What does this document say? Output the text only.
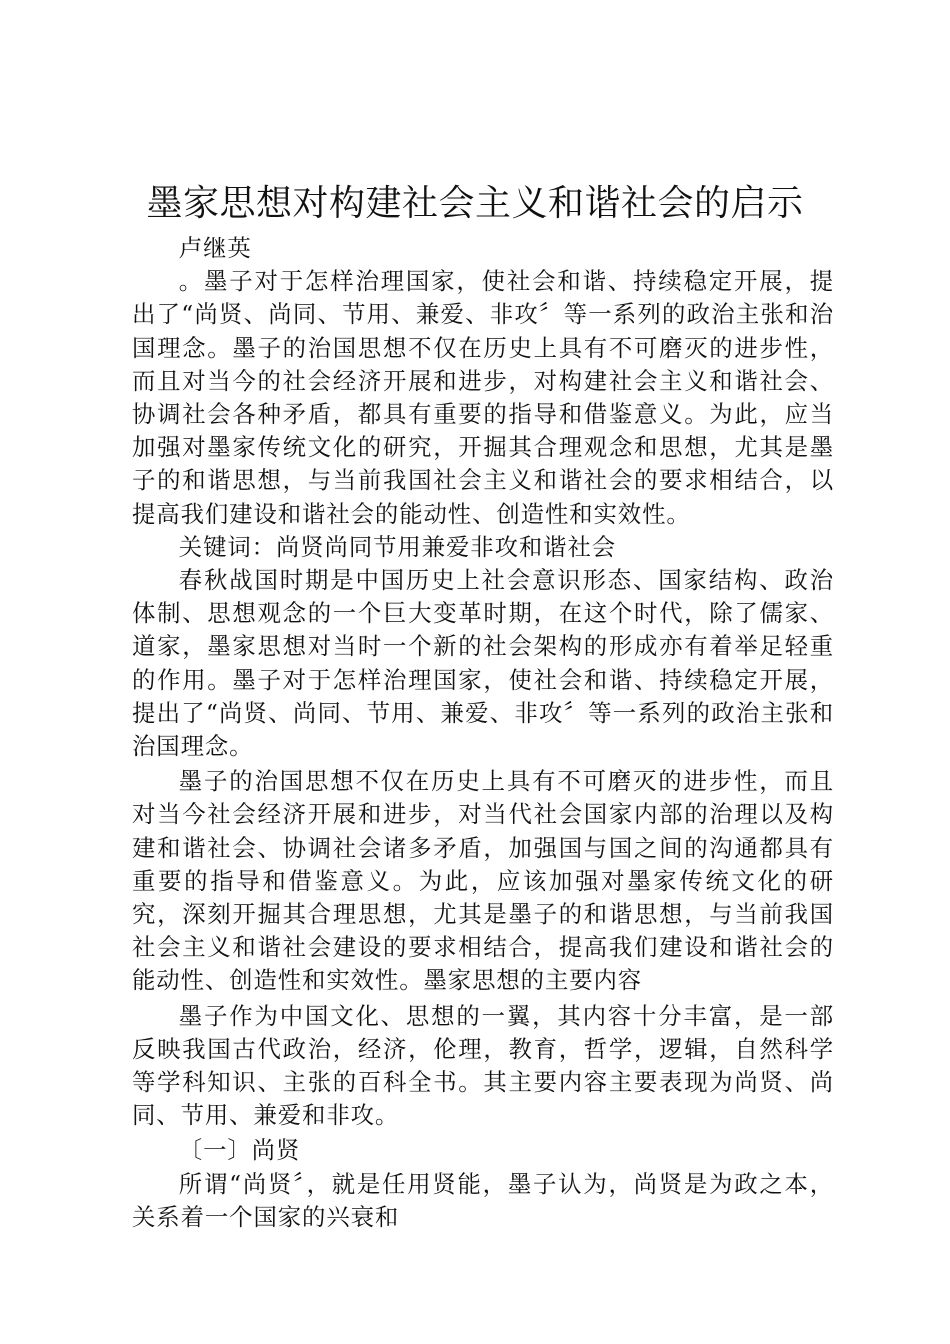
墨家思想对构建社会主义和谐社会的启示

卢继英

。墨子对于怎样治理国家，使社会和谐、持续稳定开展，提出了“尚贤、尚同、节用、兼爱、非攻〞等一系列的政治主张和治国理念。墨子的治国思想不仅在历史上具有不可磨灭的进步性，而且对当今的社会经济开展和进步，对构建社会主义和谐社会、协调社会各种矛盾，都具有重要的指导和借鉴意义。为此，应当加强对墨家传统文化的研究，开掘其合理观念和思想，尤其是墨子的和谐思想，与当前我国社会主义和谐社会的要求相结合，以提高我们建设和谐社会的能动性、创造性和实效性。

关键词：尚贤尚同节用兼爱非攻和谐社会

春秋战国时期是中国历史上社会意识形态、国家结构、政治体制、思想观念的一个巨大变革时期，在这个时代，除了儒家、道家，墨家思想对当时一个新的社会架构的形成亦有着举足轻重的作用。墨子对于怎样治理国家，使社会和谐、持续稳定开展，提出了“尚贤、尚同、节用、兼爱、非攻〞等一系列的政治主张和治国理念。

墨子的治国思想不仅在历史上具有不可磨灭的进步性，而且对当今社会经济开展和进步，对当代社会国家内部的治理以及构建和谐社会、协调社会诸多矛盾，加强国与国之间的沟通都具有重要的指导和借鉴意义。为此，应该加强对墨家传统文化的研究，深刻开掘其合理思想，尤其是墨子的和谐思想，与当前我国社会主义和谐社会建设的要求相结合，提高我们建设和谐社会的能动性、创造性和实效性。墨家思想的主要内容

墨子作为中国文化、思想的一翼，其内容十分丰富，是一部反映我国古代政治，经济，伦理，教育，哲学，逻辑，自然科学等学科知识、主张的百科全书。其主要内容主要表现为尚贤、尚同、节用、兼爱和非攻。

〔一〕尚贤

所谓“尚贤〞，就是任用贤能，墨子认为，尚贤是为政之本，关系着一个国家的兴衰和
